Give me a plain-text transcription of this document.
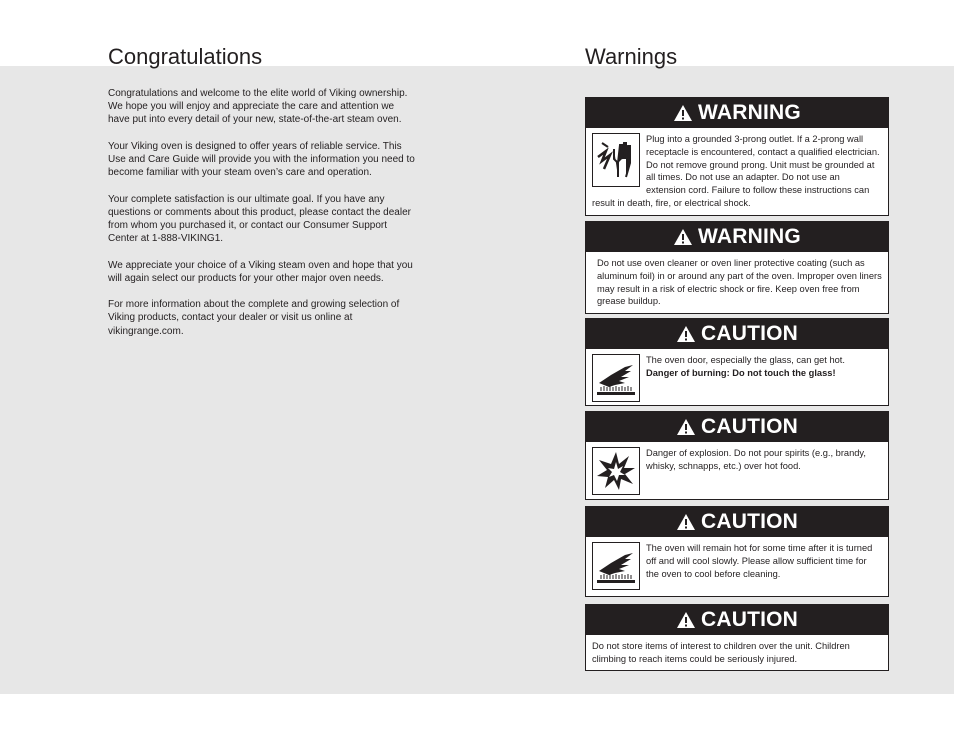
Congratulations	Warnings

Congratulations and welcome to the elite world of Viking ownership. We hope you will enjoy and appreciate the care and attention we have put into every detail of your new, state-of-the-art steam oven.

Your Viking oven is designed to offer years of reliable service. This Use and Care Guide will provide you with the information you need to become familiar with your steam oven’s care and operation.

Your complete satisfaction is our ultimate goal. If you have any questions or comments about this product, please contact the dealer from whom you purchased it, or contact our Consumer Support Center at 1-888-VIKING1.

We appreciate your choice of a Viking steam oven and hope that you will again select our products for your other major oven needs.

For more information about the complete and growing selection of Viking products, contact your dealer or visit us online at vikingrange.com.

WARNING
Plug into a grounded 3-prong outlet. If a 2-prong wall receptacle is encountered, contact a qualified electrician. Do not remove ground prong. Unit must be grounded at all times. Do not use an adapter. Do not use an extension cord. Failure to follow these instructions can result in death, fire, or electrical shock.
WARNING
Do not use oven cleaner or oven liner protective coating (such as aluminum foil) in or around any part of the oven. Improper oven liners may result in a risk of electric shock or fire. Keep oven free from grease buildup.
CAUTION
The oven door, especially the glass, can get hot.
Danger of burning: Do not touch the glass!
CAUTION
Danger of explosion. Do not pour spirits (e.g., brandy, whisky, schnapps, etc.) over hot food.
CAUTION
The oven will remain hot for some time after it is turned off and will cool slowly. Please allow sufficient time for the oven to cool before cleaning.
CAUTION
Do not store items of interest to children over the unit. Children climbing to reach items could be seriously injured.
